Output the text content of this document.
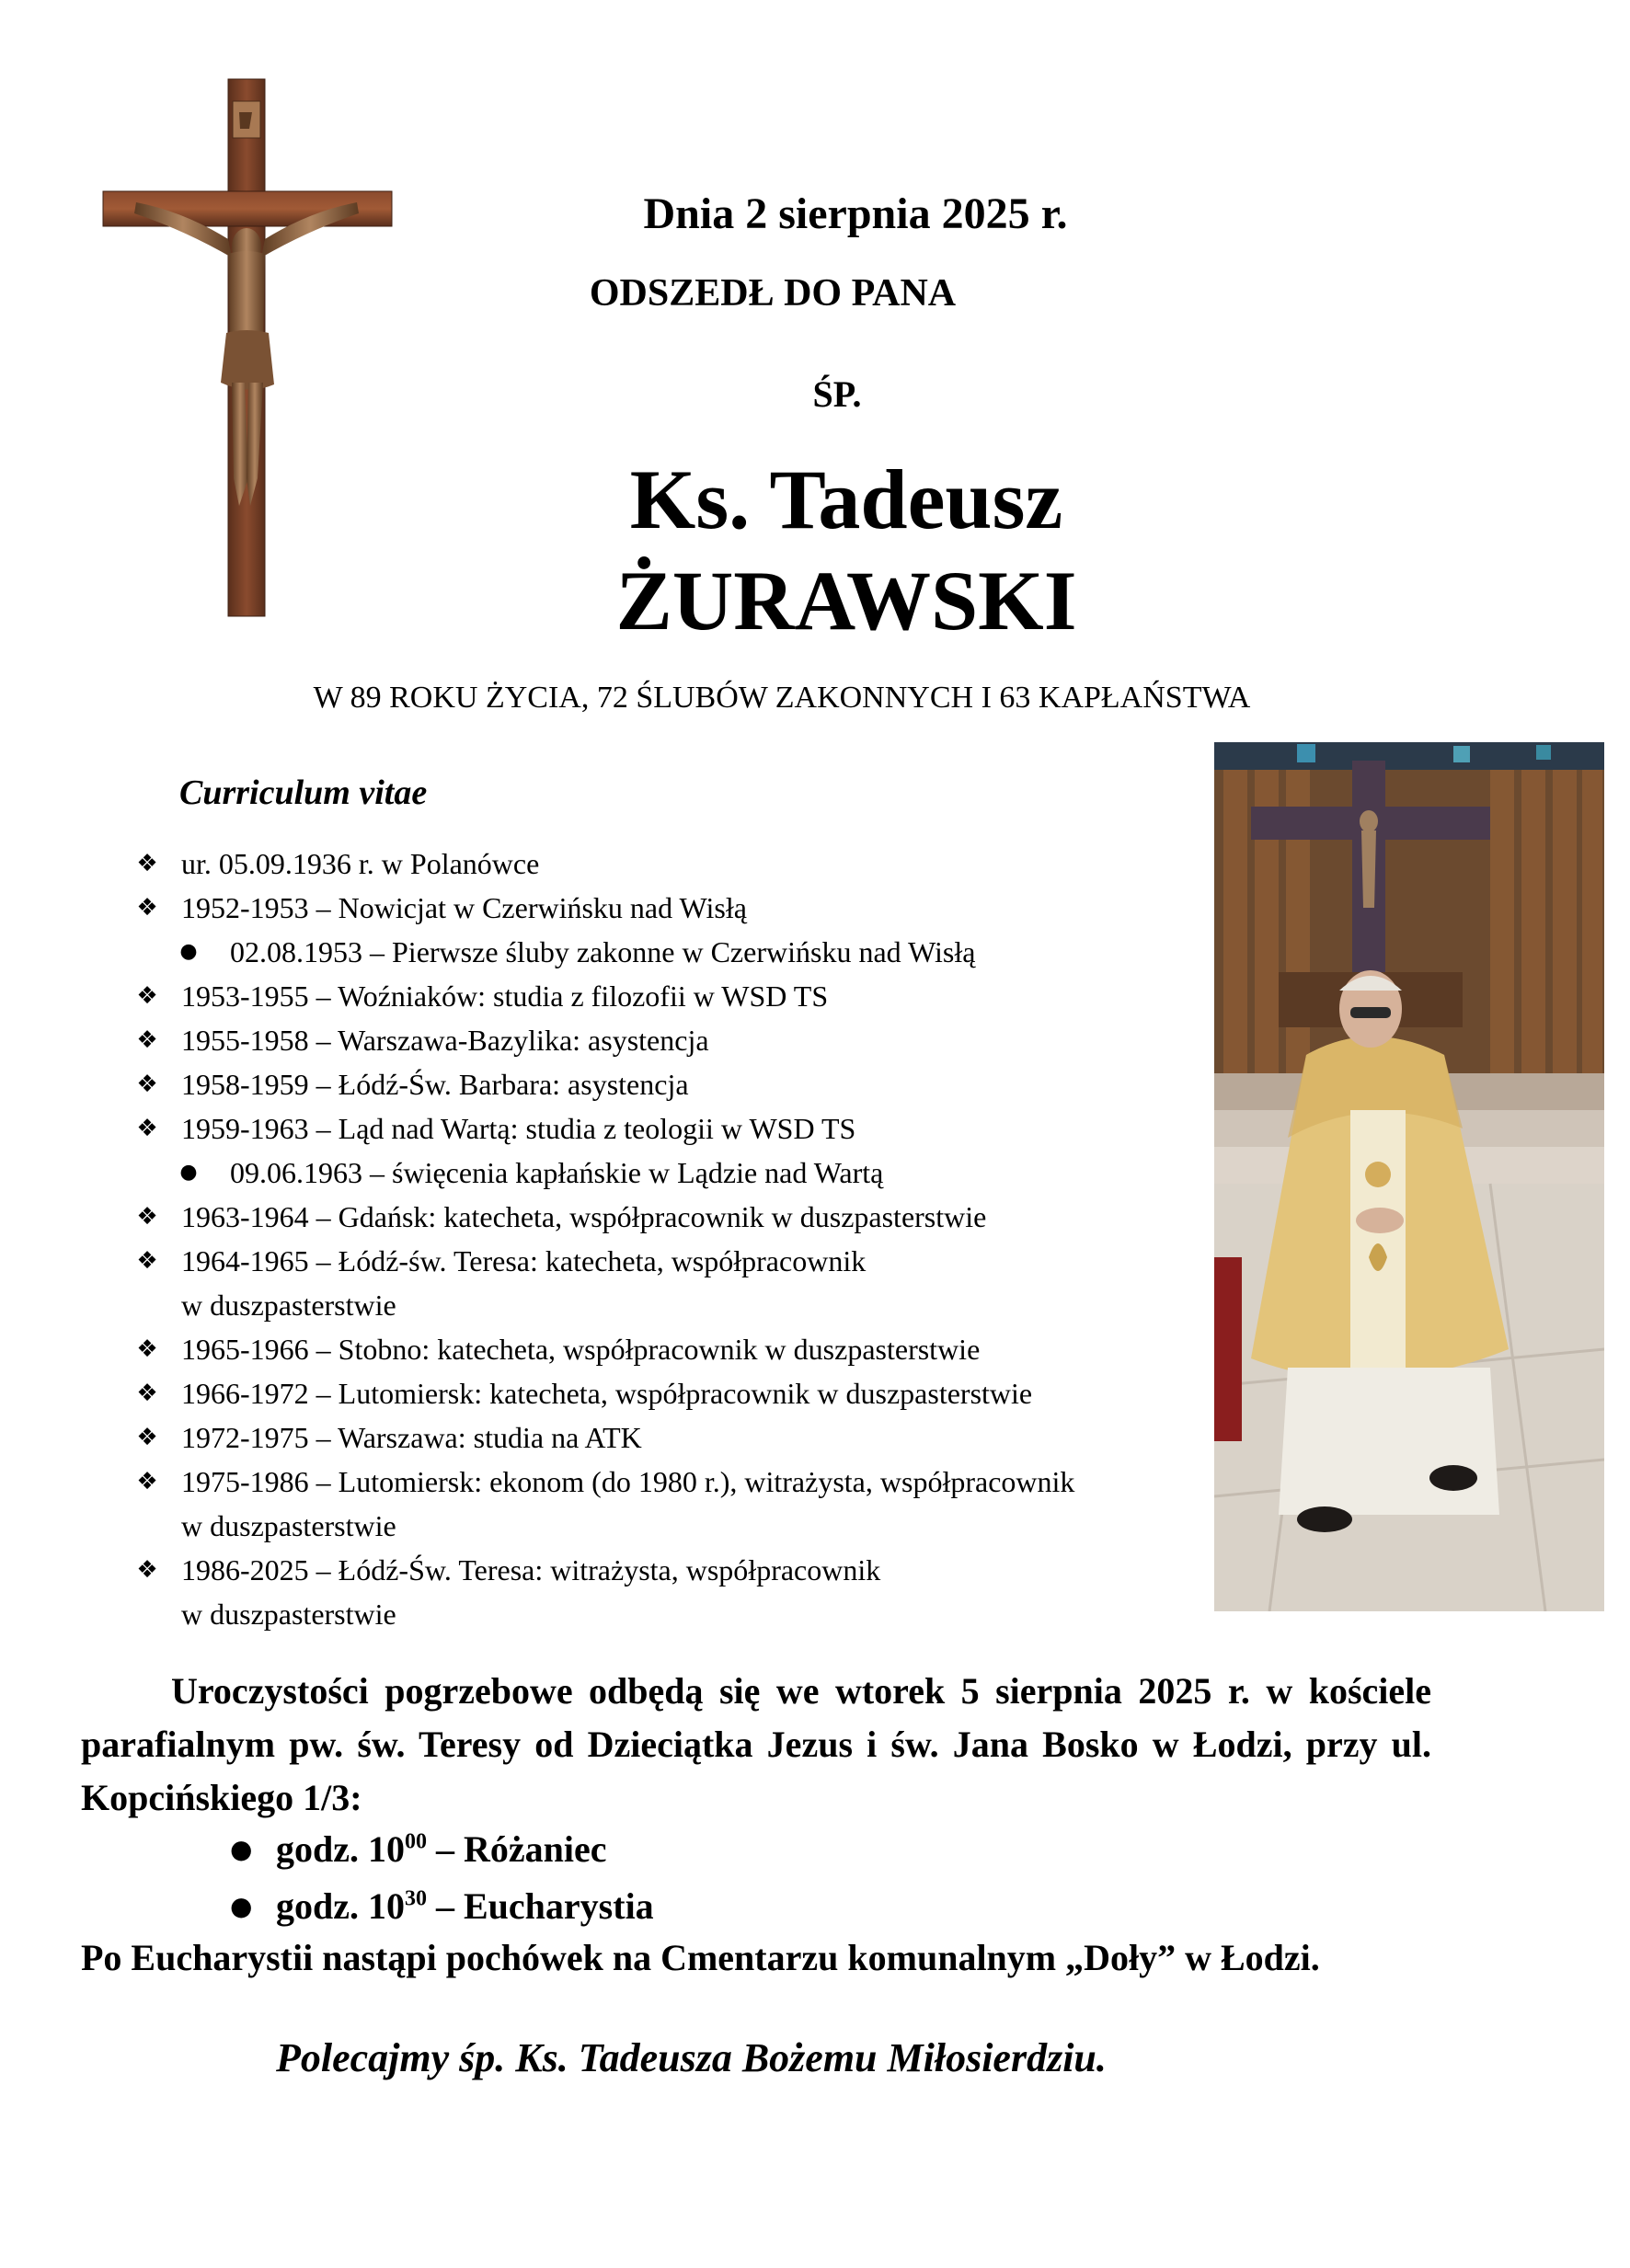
Dnia 2 sierpnia 2025 r.
ODSZEDŁ DO PANA
ŚP.
Ks. Tadeusz
ŻURAWSKI
W 89 ROKU ŻYCIA, 72 ŚLUBÓW ZAKONNYCH I 63 KAPŁAŃSTWA
Curriculum vitae
❖ ur. 05.09.1936 r. w Polanówce
❖ 1952-1953 – Nowicjat w Czerwińsku nad Wisłą
●	02.08.1953 – Pierwsze śluby zakonne w Czerwińsku nad Wisłą
❖ 1953-1955 – Woźniaków: studia z filozofii w WSD TS
❖ 1955-1958 – Warszawa-Bazylika: asystencja
❖ 1958-1959 – Łódź-Św. Barbara: asystencja
❖ 1959-1963 – Ląd nad Wartą: studia z teologii w WSD TS
●	09.06.1963 – święcenia kapłańskie w Lądzie nad Wartą
❖ 1963-1964 – Gdańsk: katecheta, współpracownik w duszpasterstwie
❖ 1964-1965 – Łódź-św. Teresa: katecheta, współpracownik
w duszpasterstwie
❖ 1965-1966 – Stobno: katecheta, współpracownik w duszpasterstwie
❖ 1966-1972 – Lutomiersk: katecheta, współpracownik w duszpasterstwie
❖ 1972-1975 – Warszawa: studia na ATK
❖ 1975-1986 – Lutomiersk: ekonom (do 1980 r.), witrażysta, współpracownik
w duszpasterstwie
❖ 1986-2025 – Łódź-Św. Teresa: witrażysta, współpracownik
w duszpasterstwie

Uroczystości pogrzebowe odbędą się we wtorek 5 sierpnia 2025 r. w kościele parafialnym pw. św. Teresy od Dzieciątka Jezus i św. Jana Bosko w Łodzi, przy ul. Kopcińskiego 1/3:

● godz. $10^{00}$ – Różaniec
● godz. $10^{30}$ – Eucharystia
Po Eucharystii nastąpi pochówek na Cmentarzu komunalnym „Doły” w Łodzi.
Polecajmy śp. Ks. Tadeusza Bożemu Miłosierdziu.
